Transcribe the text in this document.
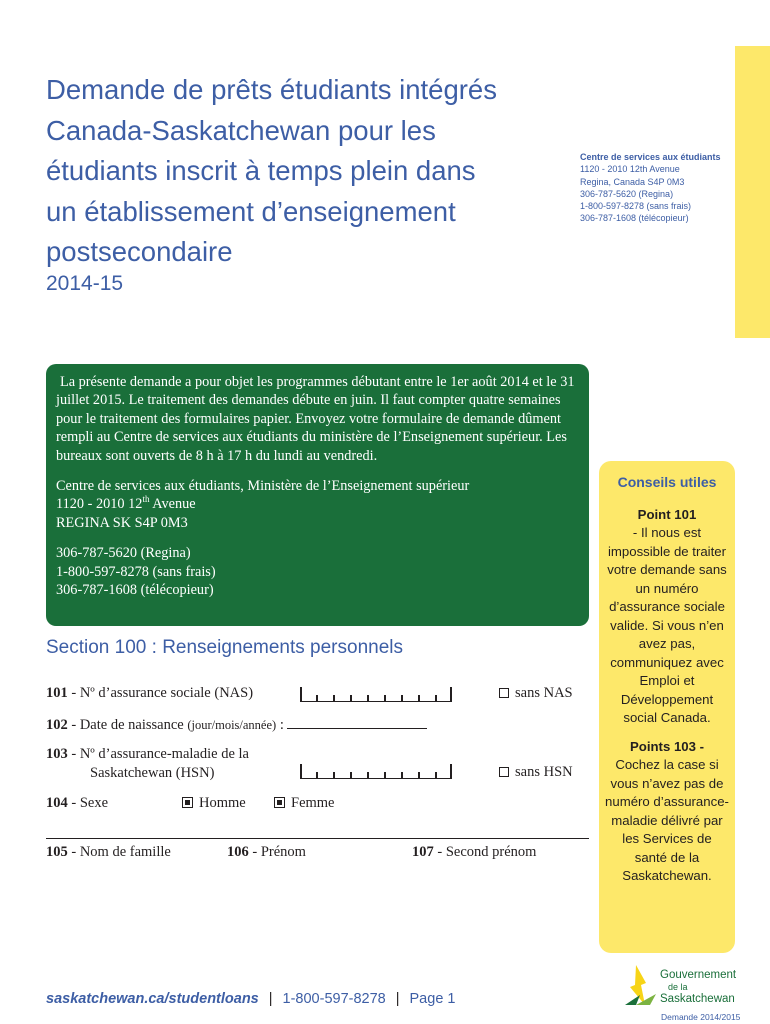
Demande de prêts étudiants intégrés
Canada-Saskatchewan pour les
étudiants inscrit à temps plein dans
un établissement d’enseignement
postsecondaire
2014-15
Centre de services aux étudiants
1120 - 2010 12th Avenue
Regina, Canada S4P 0M3
306-787-5620 (Regina)
1-800-597-8278 (sans frais)
306-787-1608 (télécopieur)

La présente demande a pour objet les programmes débutant entre le 1er août 2014 et le 31 juillet 2015. Le traitement des demandes débute en juin. Il faut compter quatre semaines pour le traitement des formulaires papier. Envoyez votre formulaire de demande dûment rempli au Centre de services aux étudiants du ministère de l’Enseignement supérieur. Les bureaux sont ouverts de 8 h à 17 h du lundi au vendredi.

Centre de services aux étudiants, Ministère de l’Enseignement supérieur
1120 - 2010 12th Avenue
REGINA SK S4P 0M3

306-787-5620 (Regina)
1-800-597-8278 (sans frais)
306-787-1608 (télécopieur)

Section 100 : Renseignements personnels
101 - Nº d’assurance sociale (NAS)	sans NAS
102 - Date de naissance (jour/mois/année) :
103 - Nº d’assurance-maladie de la
Saskatchewan (HSN)	sans HSN
104 - Sexe	Homme	Femme
105 - Nom de famille	106 - Prénom	107 - Second prénom
Conseils utiles

Point 101

- Il nous est impossible de traiter votre demande sans un numéro d’assurance sociale valide. Si vous n’en avez pas, communiquez avec Emploi et Développement social Canada.

Points 103 -

Cochez la case si vous n’avez pas de numéro d’assurance-maladie délivré par les Services de santé de la Saskatchewan.

saskatchewan.ca/studentloans | 1-800-597-8278 | Page 1
Gouvernement
de la
Saskatchewan
Demande 2014/2015
